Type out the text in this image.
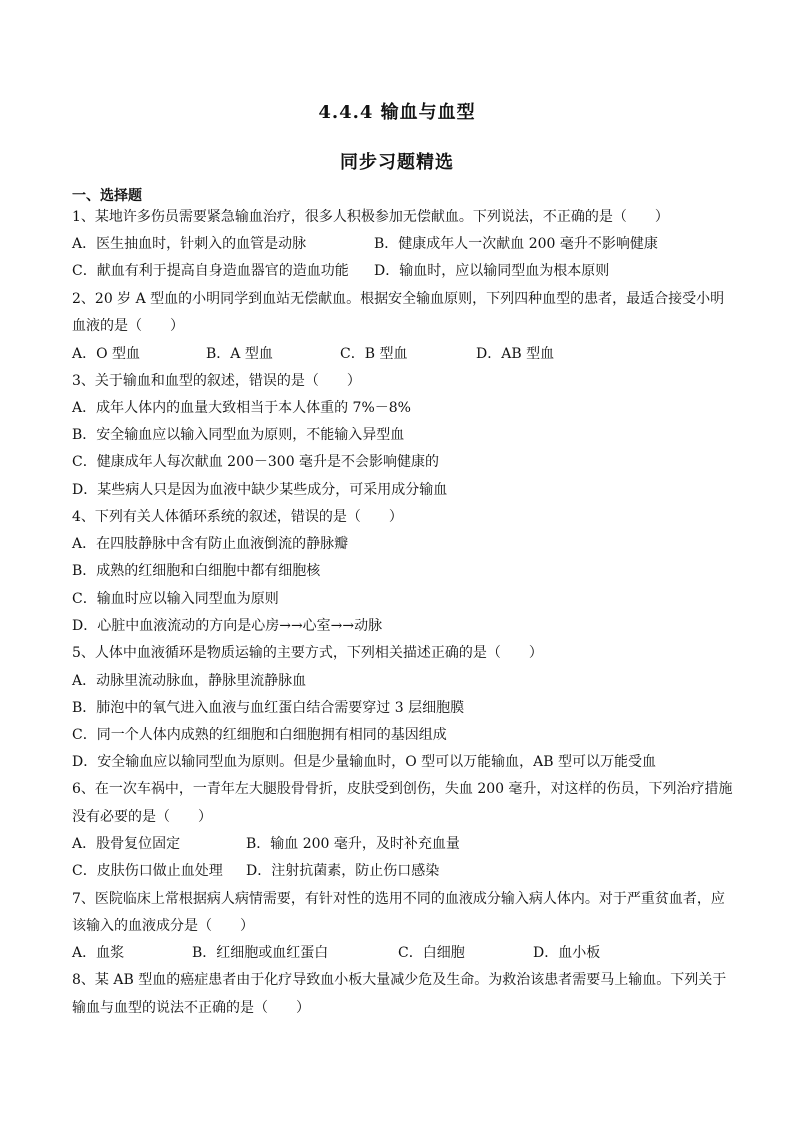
4.4.4 输血与血型
同步习题精选
一、选择题
1、某地许多伤员需要紧急输血治疗，很多人积极参加无偿献血。下列说法，不正确的是（　　）
A．医生抽血时，针刺入的血管是动脉	B．健康成年人一次献血 200 毫升不影响健康
C．献血有利于提高自身造血器官的造血功能 D．输血时，应以输同型血为根本原则
2、20 岁 A 型血的小明同学到血站无偿献血。根据安全输血原则，下列四种血型的患者，最适合接受小明
血液的是（　　）
A．O 型血	B．A 型血	C．B 型血	D．AB 型血
3、关于输血和血型的叙述，错误的是（　　）
A．成年人体内的血量大致相当于本人体重的 7%－8%
B．安全输血应以输入同型血为原则，不能输入异型血
C．健康成年人每次献血 200－300 毫升是不会影响健康的
D．某些病人只是因为血液中缺少某些成分，可采用成分输血
4、下列有关人体循环系统的叙述，错误的是（　　）
A．在四肢静脉中含有防止血液倒流的静脉瓣
B．成熟的红细胞和白细胞中都有细胞核
C．输血时应以输入同型血为原则
D．心脏中血液流动的方向是心房→→心室→→动脉
5、人体中血液循环是物质运输的主要方式，下列相关描述正确的是（　　）
A．动脉里流动脉血，静脉里流静脉血
B．肺泡中的氧气进入血液与血红蛋白结合需要穿过 3 层细胞膜
C．同一个人体内成熟的红细胞和白细胞拥有相同的基因组成
D．安全输血应以输同型血为原则。但是少量输血时，O 型可以万能输血，AB 型可以万能受血
6、在一次车祸中，一青年左大腿股骨骨折，皮肤受到创伤，失血 200 毫升，对这样的伤员，下列治疗措施
没有必要的是（　　）
A．股骨复位固定	B．输血 200 毫升，及时补充血量
C．皮肤伤口做止血处理 D．注射抗菌素，防止伤口感染
7、医院临床上常根据病人病情需要，有针对性的选用不同的血液成分输入病人体内。对于严重贫血者，应
该输入的血液成分是（　　）
A．血浆	B．红细胞或血红蛋白	C．白细胞	D．血小板
8、某 AB 型血的癌症患者由于化疗导致血小板大量减少危及生命。为救治该患者需要马上输血。下列关于
输血与血型的说法不正确的是（　　）
